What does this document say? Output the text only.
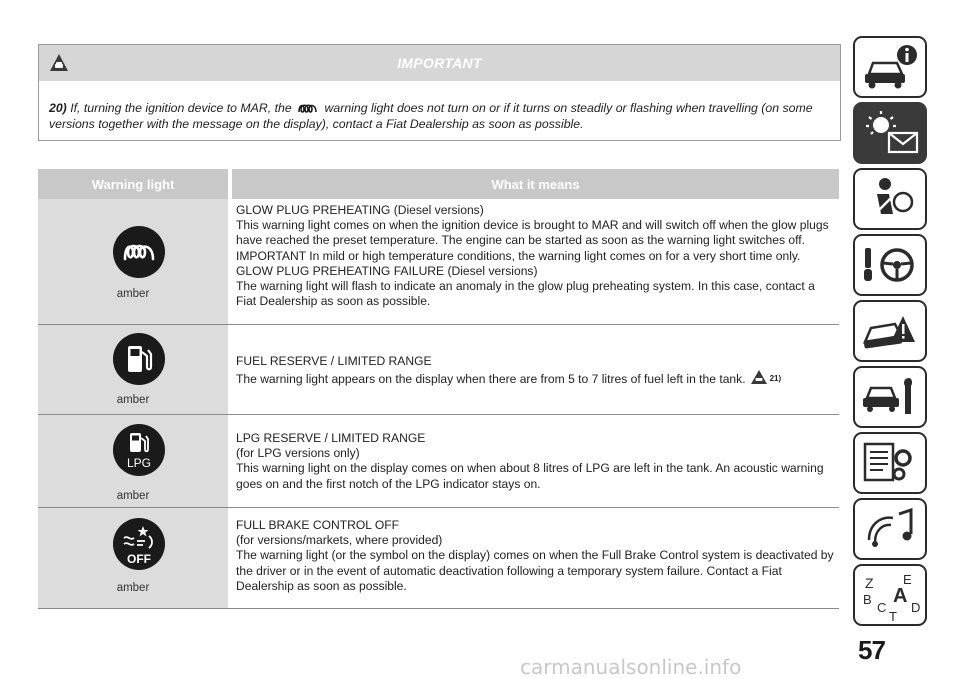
IMPORTANT
20) If, turning the ignition device to MAR, the	warning light does not turn on or if it turns on steadily or flashing when travelling (on some versions together with the message on the display), contact a Fiat Dealership as soon as possible.
Warning light	What it means
amber
GLOW PLUG PREHEATING (Diesel versions)
This warning light comes on when the ignition device is brought to MAR and will switch off when the glow plugs have reached the preset temperature. The engine can be started as soon as the warning light switches off.
IMPORTANT In mild or high temperature conditions, the warning light comes on for a very short time only.
GLOW PLUG PREHEATING FAILURE (Diesel versions)
The warning light will flash to indicate an anomaly in the glow plug preheating system. In this case, contact a Fiat Dealership as soon as possible.
amber
FUEL RESERVE / LIMITED RANGE
The warning light appears on the display when there are from 5 to 7 litres of fuel left in the tank.	21)
LPG
amber
LPG RESERVE / LIMITED RANGE
(for LPG versions only)
This warning light on the display comes on when about 8 litres of LPG are left in the tank. An acoustic warning goes on and the first notch of the LPG indicator stays on.
OFF
amber
FULL BRAKE CONTROL OFF
(for versions/markets, where provided)
The warning light (or the symbol on the display) comes on when the Full Brake Control system is deactivated by the driver or in the event of automatic deactivation following a temporary system failure. Contact a Fiat Dealership as soon as possible.	Z E
A
B
C D
T
57
carmanualsonline.info
